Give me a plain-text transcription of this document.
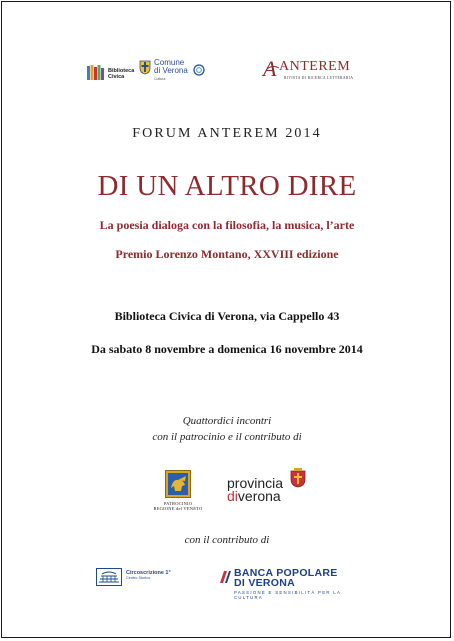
Biblioteca
Civica
Comune
di Verona
Cultura	A ANTEREM
RIVISTA DI RICERCA LETTERARIA
FORUM ANTEREM 2014
DI UN ALTRO DIRE
La poesia dialoga con la filosofia, la musica, l’arte
Premio Lorenzo Montano, XXVIII edizione
Biblioteca Civica di Verona, via Cappello 43
Da sabato 8 novembre a domenica 16 novembre 2014
Quattordici incontri
con il patrocinio e il contributo di
PATROCINIO
REGIONE del VENETO
provincia
diverona
con il contributo di
Circoscrizione 1°
Centro Storico	BANCA POPOLARE
DI VERONA
PASSIONE E SENSIBILITÀ PER LA CULTURA
